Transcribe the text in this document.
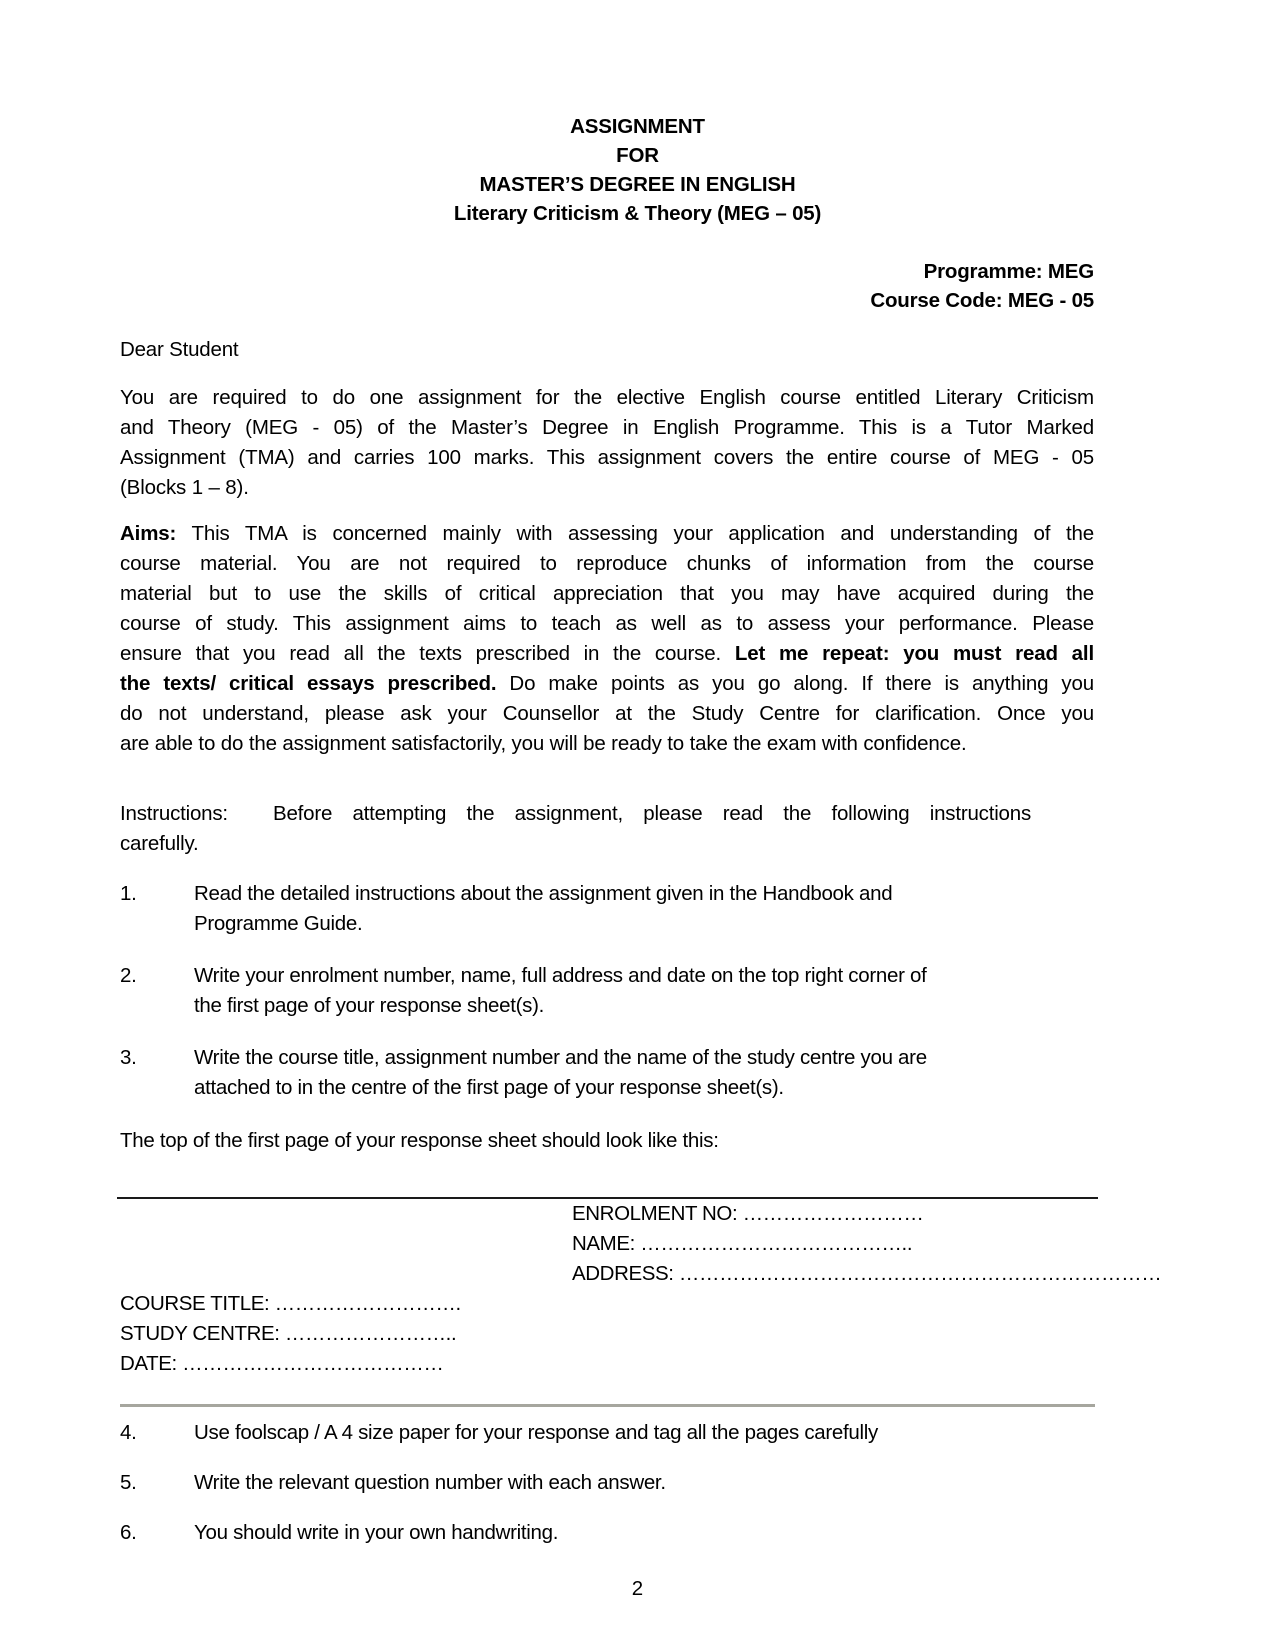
ASSIGNMENT
FOR
MASTER’S DEGREE IN ENGLISH
Literary Criticism & Theory (MEG – 05)
Programme: MEG
Course Code: MEG - 05
Dear Student
You are required to do one assignment for the elective English course entitled Literary Criticism
and Theory (MEG - 05) of the Master’s Degree in English Programme. This is a Tutor Marked
Assignment (TMA) and carries 100 marks. This assignment covers the entire course of MEG - 05
(Blocks 1 – 8).
Aims: This TMA is concerned mainly with assessing your application and understanding of the
course material. You are not required to reproduce chunks of information from the course
material but to use the skills of critical appreciation that you may have acquired during the
course of study. This assignment aims to teach as well as to assess your performance. Please
ensure that you read all the texts prescribed in the course. Let me repeat: you must read all
the texts/ critical essays prescribed. Do make points as you go along. If there is anything you
do not understand, please ask your Counsellor at the Study Centre for clarification. Once you
are able to do the assignment satisfactorily, you will be ready to take the exam with confidence.
Instructions: Before attempting the assignment, please read the following instructions
carefully.
1.	Read the detailed instructions about the assignment given in the Handbook and
Programme Guide.
2.	Write your enrolment number, name, full address and date on the top right corner of
the first page of your response sheet(s).
3.	Write the course title, assignment number and the name of the study centre you are
attached to in the centre of the first page of your response sheet(s).
The top of the first page of your response sheet should look like this:
ENROLMENT NO: ………………………
NAME: …………………………………..
ADDRESS: ………………………………………………………………
COURSE TITLE: ……………………….
STUDY CENTRE: ……………………..
DATE: …………………………………
4.	Use foolscap / A 4 size paper for your response and tag all the pages carefully
5.	Write the relevant question number with each answer.
6.	You should write in your own handwriting.
2
